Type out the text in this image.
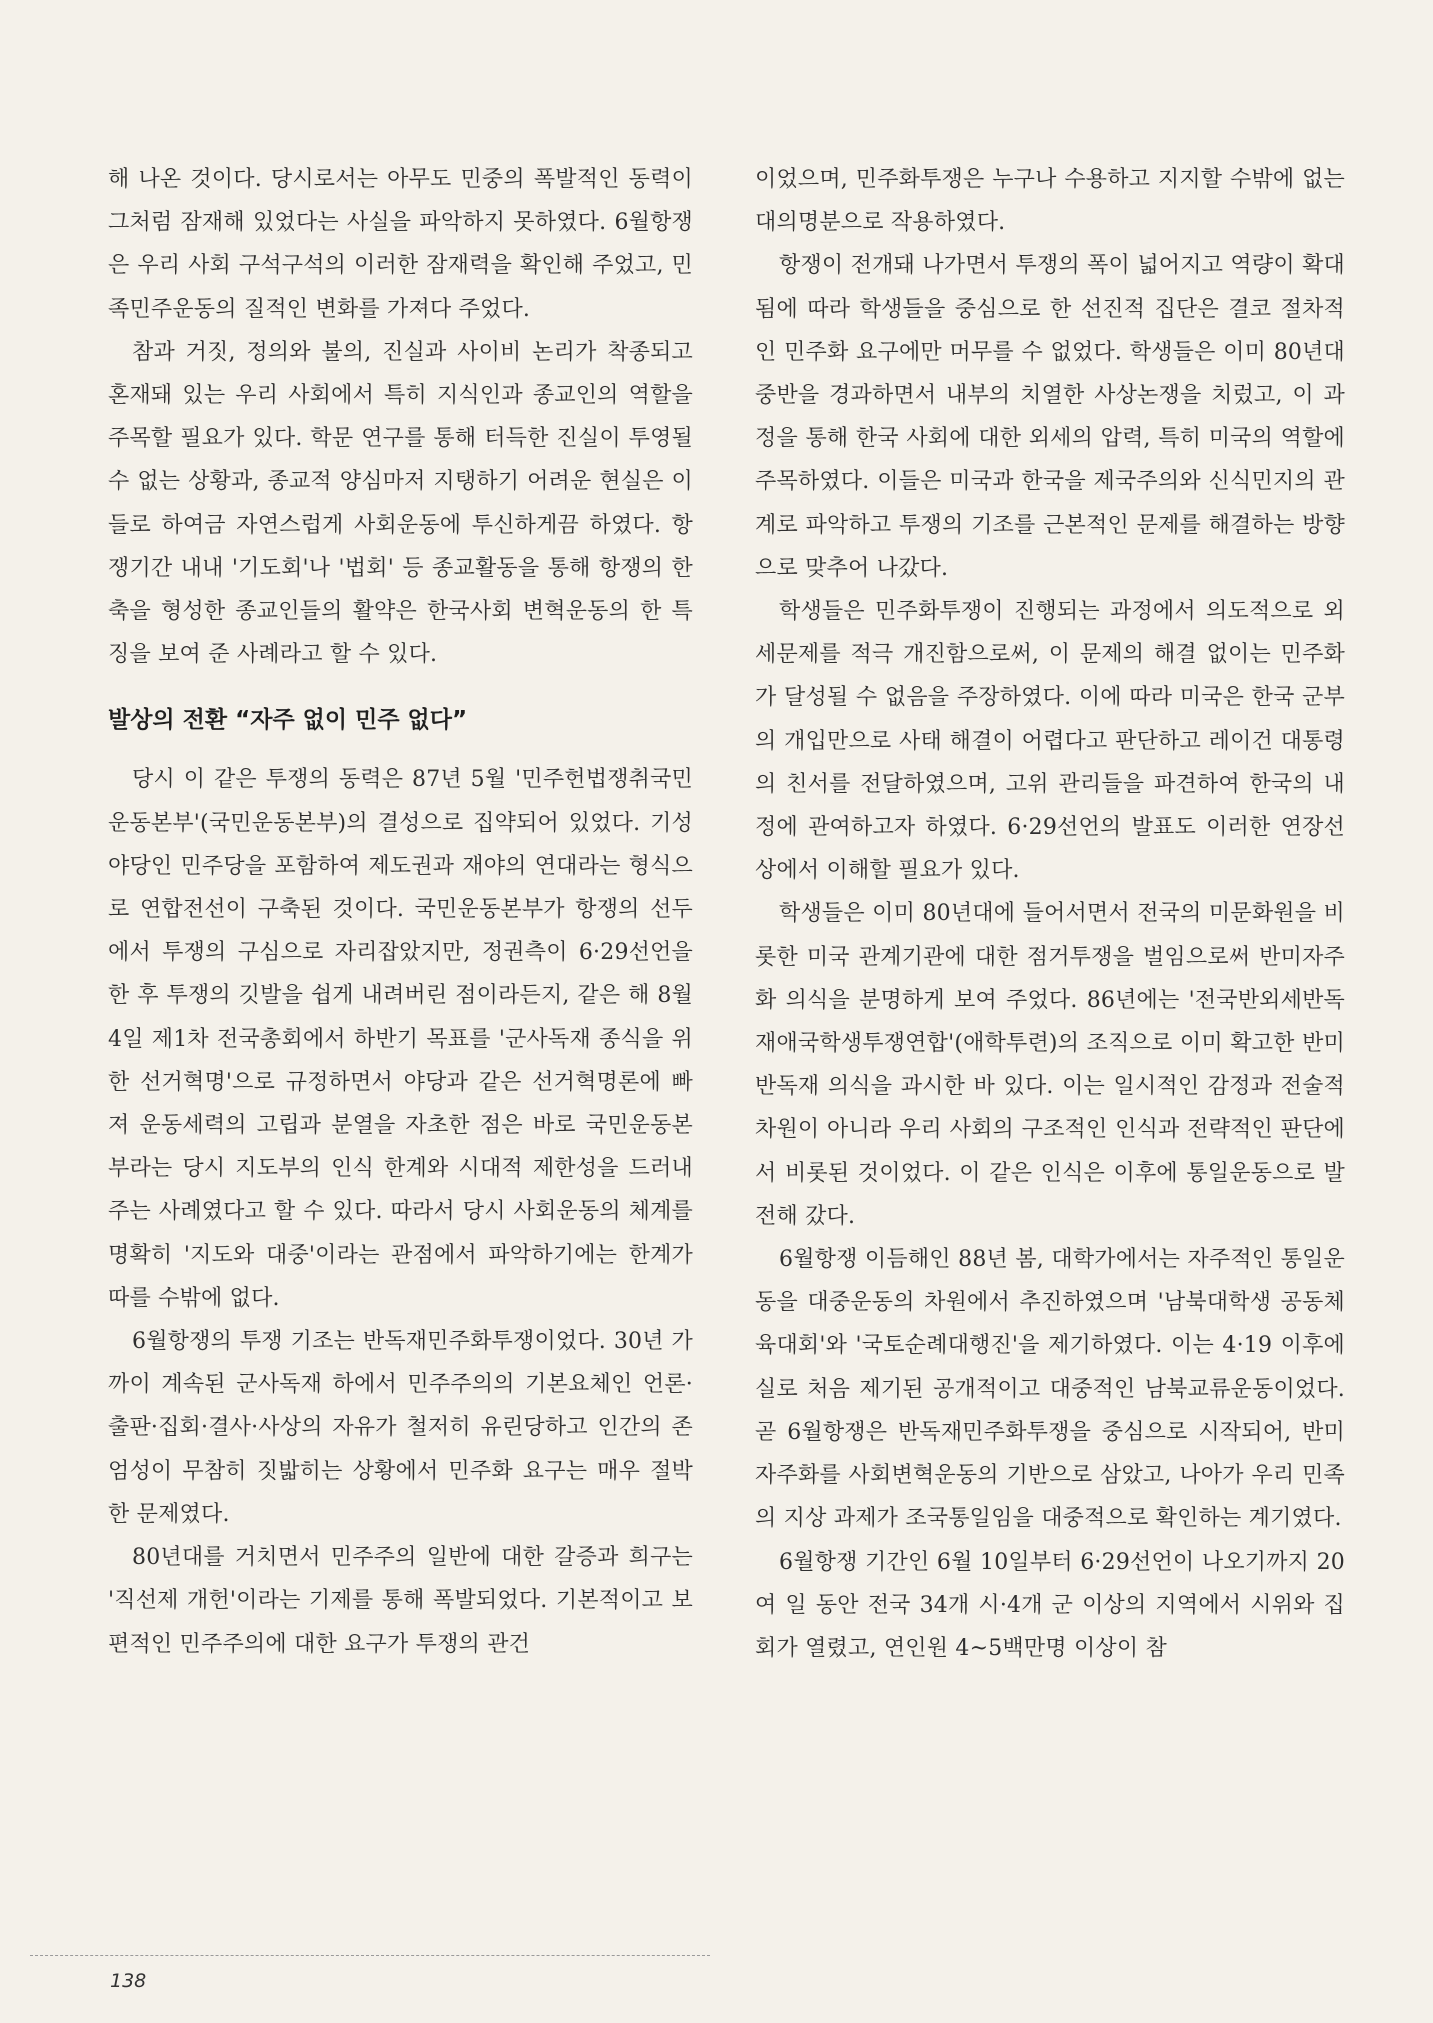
해 나온 것이다. 당시로서는 아무도 민중의 폭발적인 동력이 그처럼 잠재해 있었다는 사실을 파악하지 못하였다. 6월항쟁은 우리 사회 구석구석의 이러한 잠재력을 확인해 주었고, 민족민주운동의 질적인 변화를 가져다 주었다.

참과 거짓, 정의와 불의, 진실과 사이비 논리가 착종되고 혼재돼 있는 우리 사회에서 특히 지식인과 종교인의 역할을 주목할 필요가 있다. 학문 연구를 통해 터득한 진실이 투영될 수 없는 상황과, 종교적 양심마저 지탱하기 어려운 현실은 이들로 하여금 자연스럽게 사회운동에 투신하게끔 하였다. 항쟁기간 내내 '기도회'나 '법회' 등 종교활동을 통해 항쟁의 한 축을 형성한 종교인들의 활약은 한국사회 변혁운동의 한 특징을 보여 준 사례라고 할 수 있다.

발상의 전환 “자주 없이 민주 없다”

당시 이 같은 투쟁의 동력은 87년 5월 '민주헌법쟁취국민운동본부'(국민운동본부)의 결성으로 집약되어 있었다. 기성 야당인 민주당을 포함하여 제도권과 재야의 연대라는 형식으로 연합전선이 구축된 것이다. 국민운동본부가 항쟁의 선두에서 투쟁의 구심으로 자리잡았지만, 정권측이 6·29선언을 한 후 투쟁의 깃발을 쉽게 내려버린 점이라든지, 같은 해 8월 4일 제1차 전국총회에서 하반기 목표를 '군사독재 종식을 위한 선거혁명'으로 규정하면서 야당과 같은 선거혁명론에 빠져 운동세력의 고립과 분열을 자초한 점은 바로 국민운동본부라는 당시 지도부의 인식 한계와 시대적 제한성을 드러내 주는 사례였다고 할 수 있다. 따라서 당시 사회운동의 체계를 명확히 '지도와 대중'이라는 관점에서 파악하기에는 한계가 따를 수밖에 없다.

6월항쟁의 투쟁 기조는 반독재민주화투쟁이었다. 30년 가까이 계속된 군사독재 하에서 민주주의의 기본요체인 언론·출판·집회·결사·사상의 자유가 철저히 유린당하고 인간의 존엄성이 무참히 짓밟히는 상황에서 민주화 요구는 매우 절박한 문제였다.

80년대를 거치면서 민주주의 일반에 대한 갈증과 희구는 '직선제 개헌'이라는 기제를 통해 폭발되었다. 기본적이고 보편적인 민주주의에 대한 요구가 투쟁의 관건

이었으며, 민주화투쟁은 누구나 수용하고 지지할 수밖에 없는 대의명분으로 작용하였다.

항쟁이 전개돼 나가면서 투쟁의 폭이 넓어지고 역량이 확대됨에 따라 학생들을 중심으로 한 선진적 집단은 결코 절차적인 민주화 요구에만 머무를 수 없었다. 학생들은 이미 80년대 중반을 경과하면서 내부의 치열한 사상논쟁을 치렀고, 이 과정을 통해 한국 사회에 대한 외세의 압력, 특히 미국의 역할에 주목하였다. 이들은 미국과 한국을 제국주의와 신식민지의 관계로 파악하고 투쟁의 기조를 근본적인 문제를 해결하는 방향으로 맞추어 나갔다.

학생들은 민주화투쟁이 진행되는 과정에서 의도적으로 외세문제를 적극 개진함으로써, 이 문제의 해결 없이는 민주화가 달성될 수 없음을 주장하였다. 이에 따라 미국은 한국 군부의 개입만으로 사태 해결이 어렵다고 판단하고 레이건 대통령의 친서를 전달하였으며, 고위 관리들을 파견하여 한국의 내정에 관여하고자 하였다. 6·29선언의 발표도 이러한 연장선상에서 이해할 필요가 있다.

학생들은 이미 80년대에 들어서면서 전국의 미문화원을 비롯한 미국 관계기관에 대한 점거투쟁을 벌임으로써 반미자주화 의식을 분명하게 보여 주었다. 86년에는 '전국반외세반독재애국학생투쟁연합'(애학투련)의 조직으로 이미 확고한 반미반독재 의식을 과시한 바 있다. 이는 일시적인 감정과 전술적 차원이 아니라 우리 사회의 구조적인 인식과 전략적인 판단에서 비롯된 것이었다. 이 같은 인식은 이후에 통일운동으로 발전해 갔다.

6월항쟁 이듬해인 88년 봄, 대학가에서는 자주적인 통일운동을 대중운동의 차원에서 추진하였으며 '남북대학생 공동체육대회'와 '국토순례대행진'을 제기하였다. 이는 4·19 이후에 실로 처음 제기된 공개적이고 대중적인 남북교류운동이었다. 곧 6월항쟁은 반독재민주화투쟁을 중심으로 시작되어, 반미자주화를 사회변혁운동의 기반으로 삼았고, 나아가 우리 민족의 지상 과제가 조국통일임을 대중적으로 확인하는 계기였다.

6월항쟁 기간인 6월 10일부터 6·29선언이 나오기까지 20여 일 동안 전국 34개 시·4개 군 이상의 지역에서 시위와 집회가 열렸고, 연인원 4~5백만명 이상이 참

138
